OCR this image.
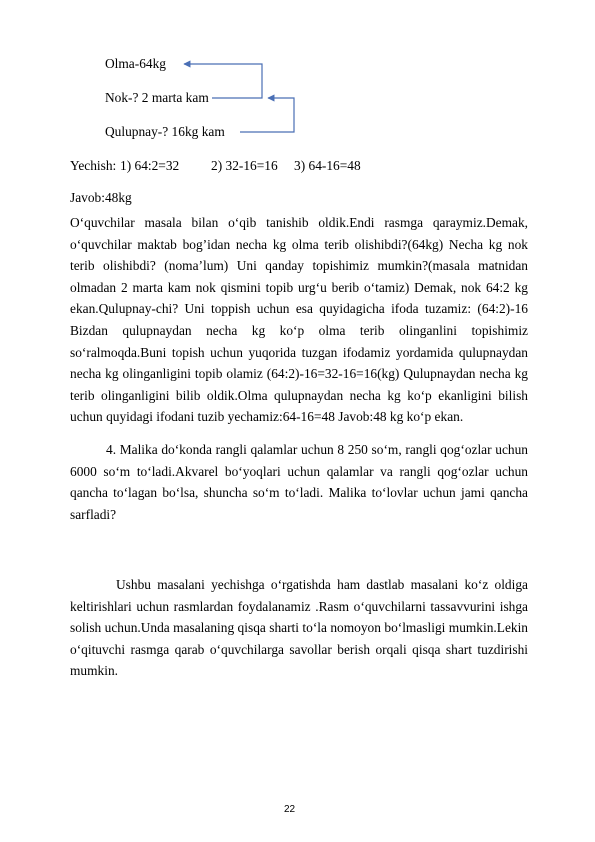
Olma-64kg
Nok-? 2 marta kam
Qulupnay-? 16kg kam
Yechish: 1) 64:2=32 2) 32-16=16 3) 64-16=48
Javob:48kg
O‘quvchilar masala bilan o‘qib tanishib oldik.Endi rasmga qaraymiz.Demak, o‘quvchilar maktab bog’idan necha kg olma terib olishibdi?(64kg) Necha kg nok terib olishibdi? (noma’lum) Uni qanday topishimiz mumkin?(masala matnidan olmadan 2 marta kam nok qismini topib urg‘u berib o‘tamiz) Demak, nok 64:2 kg ekan.Qulupnay-chi? Uni toppish uchun esa quyidagicha ifoda tuzamiz: (64:2)-16 Bizdan qulupnaydan necha kg ko‘p olma terib olinganlini topishimiz so‘ralmoqda.Buni topish uchun yuqorida tuzgan ifodamiz yordamida qulupnaydan necha kg olinganligini topib olamiz (64:2)-16=32-16=16(kg) Qulupnaydan necha kg terib olinganligini bilib oldik.Olma qulupnaydan necha kg ko‘p ekanligini bilish uchun quyidagi ifodani tuzib yechamiz:64-16=48 Javob:48 kg ko‘p ekan.
4. Malika do‘konda rangli qalamlar uchun 8 250 so‘m, rangli qog‘ozlar uchun 6000 so‘m to‘ladi.Akvarel bo‘yoqlari uchun qalamlar va rangli qog‘ozlar uchun qancha to‘lagan bo‘lsa, shuncha so‘m to‘ladi. Malika to‘lovlar uchun jami qancha sarfladi?
Ushbu masalani yechishga o‘rgatishda ham dastlab masalani ko‘z oldiga keltirishlari uchun rasmlardan foydalanamiz .Rasm o‘quvchilarni tassavvurini ishga solish uchun.Unda masalaning qisqa sharti to‘la nomoyon bo‘lmasligi mumkin.Lekin o‘qituvchi rasmga qarab o‘quvchilarga savollar berish orqali qisqa shart tuzdirishi mumkin.
22
